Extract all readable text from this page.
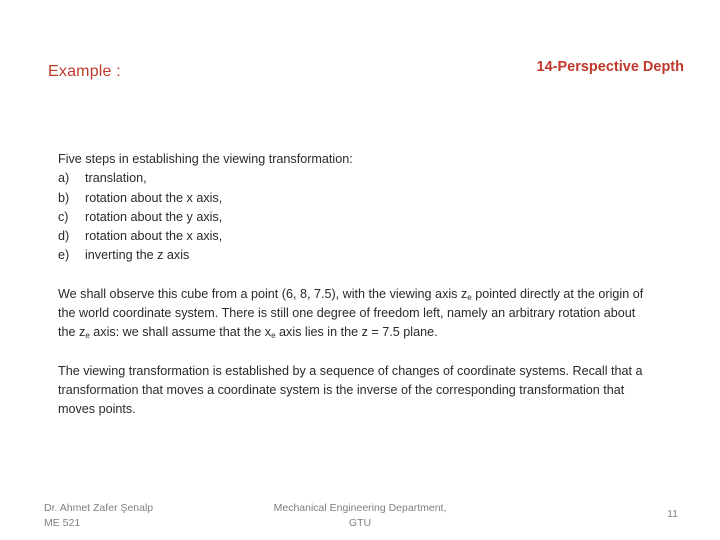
Example :	14-Perspective Depth

Five steps in establishing the viewing transformation:

a)	translation,
b)	rotation about the x axis,
c)	rotation about the y axis,
d)	rotation about the x axis,
e)	inverting the z axis

We shall observe this cube from a point (6, 8, 7.5), with the viewing axis $z_e$ pointed directly at the origin of the world coordinate system. There is still one degree of freedom left, namely an arbitrary rotation about the $z_e$ axis: we shall assume that the $x_e$ axis lies in the z = 7.5 plane.

The viewing transformation is established by a sequence of changes of coordinate systems. Recall that a transformation that moves a coordinate system is the inverse of the corresponding transformation that moves points.

Dr. Ahmet Zafer Şenalp
ME 521
Mechanical Engineering Department,
GTU
11
